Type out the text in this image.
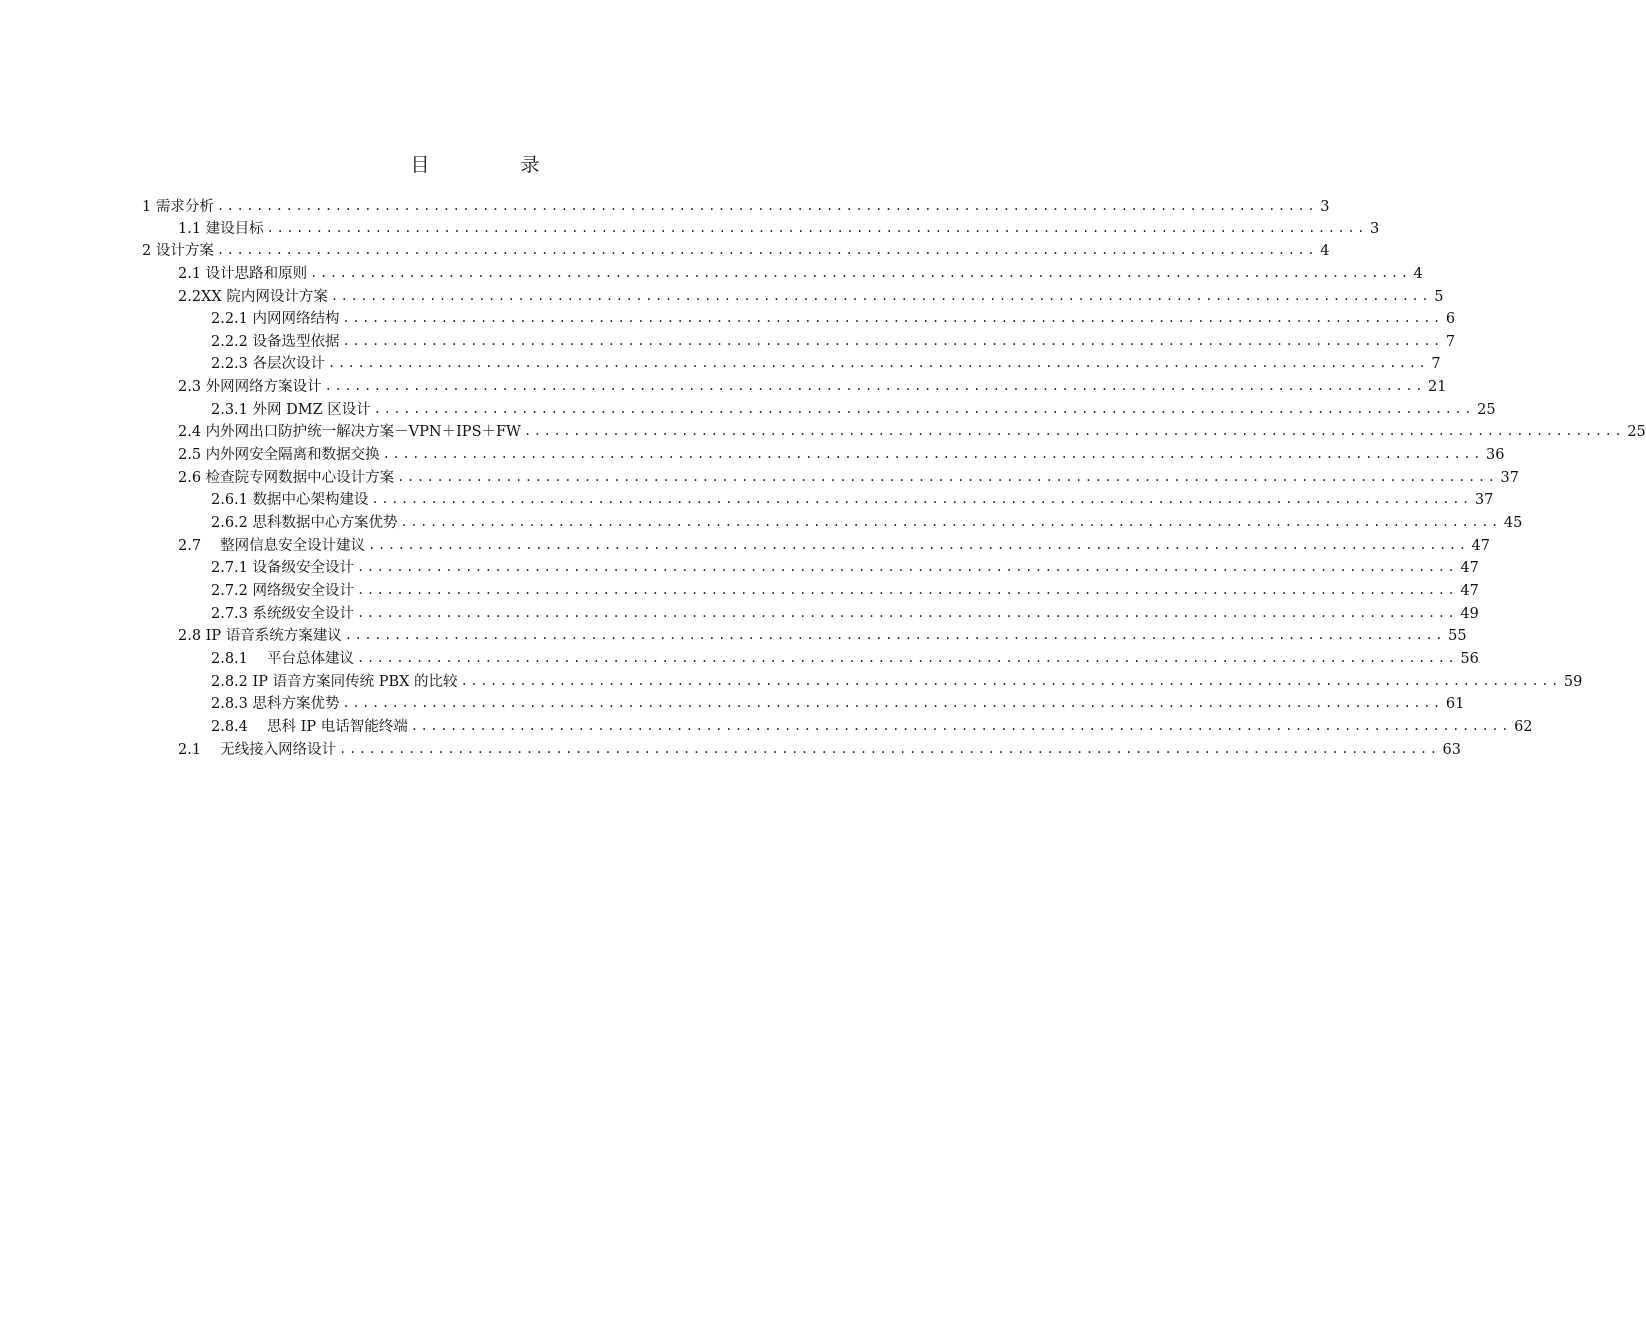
目　录
1 需求分析 ................................................................................................................ 3
1.1 建设目标 ................................................................................................................ 3
2 设计方案 ................................................................................................................ 4
2.1 设计思路和原则 ................................................................................................................ 4
2.2XX 院内网设计方案 ................................................................................................................ 5
2.2.1 内网网络结构 ................................................................................................................ 6
2.2.2 设备选型依据 ................................................................................................................ 7
2.2.3 各层次设计 ................................................................................................................ 7
2.3 外网网络方案设计 ................................................................................................................ 21
2.3.1 外网 DMZ 区设计 ................................................................................................................ 25
2.4 内外网出口防护统一解决方案－VPN＋IPS＋FW ................................................................................................................ 25
2.5 内外网安全隔离和数据交换 ................................................................................................................ 36
2.6 检查院专网数据中心设计方案 ................................................................................................................ 37
2.6.1 数据中心架构建设 ................................................................................................................ 37
2.6.2 思科数据中心方案优势 ................................................................................................................ 45
2.7　 整网信息安全设计建议 ................................................................................................................ 47
2.7.1 设备级安全设计 ................................................................................................................ 47
2.7.2 网络级安全设计 ................................................................................................................ 47
2.7.3 系统级安全设计 ................................................................................................................ 49
2.8 IP 语音系统方案建议 ................................................................................................................ 55
2.8.1　 平台总体建议 ................................................................................................................ 56
2.8.2 IP 语音方案同传统 PBX 的比较 ................................................................................................................ 59
2.8.3 思科方案优势 ................................................................................................................ 61
2.8.4　 思科 IP 电话智能终端 ................................................................................................................ 62
2.1　 无线接入网络设计 ................................................................................................................ 63
